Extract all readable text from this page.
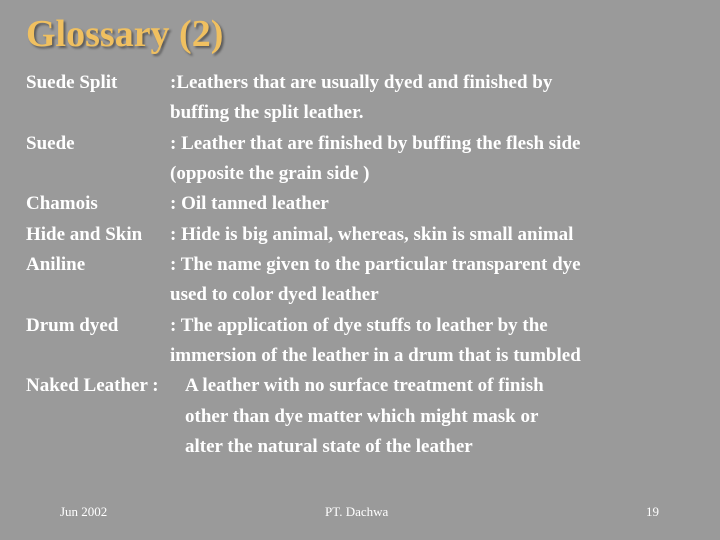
Glossary (2)
Suede Split	:Leathers that are usually dyed and finished by
buffing the split leather.
Suede	: Leather that are finished by buffing the flesh side
(opposite the grain side )
Chamois	: Oil tanned leather
Hide and Skin : Hide is big animal, whereas, skin is small animal
Aniline	: The name given to the particular transparent dye
used to color dyed leather
Drum dyed	: The application of dye stuffs to leather by the
immersion of the leather in a drum that is tumbled
Naked Leather : A leather with no surface treatment of finish
other than dye matter which might mask or
alter the natural state of the leather
Jun 2002	PT. Dachwa	19
